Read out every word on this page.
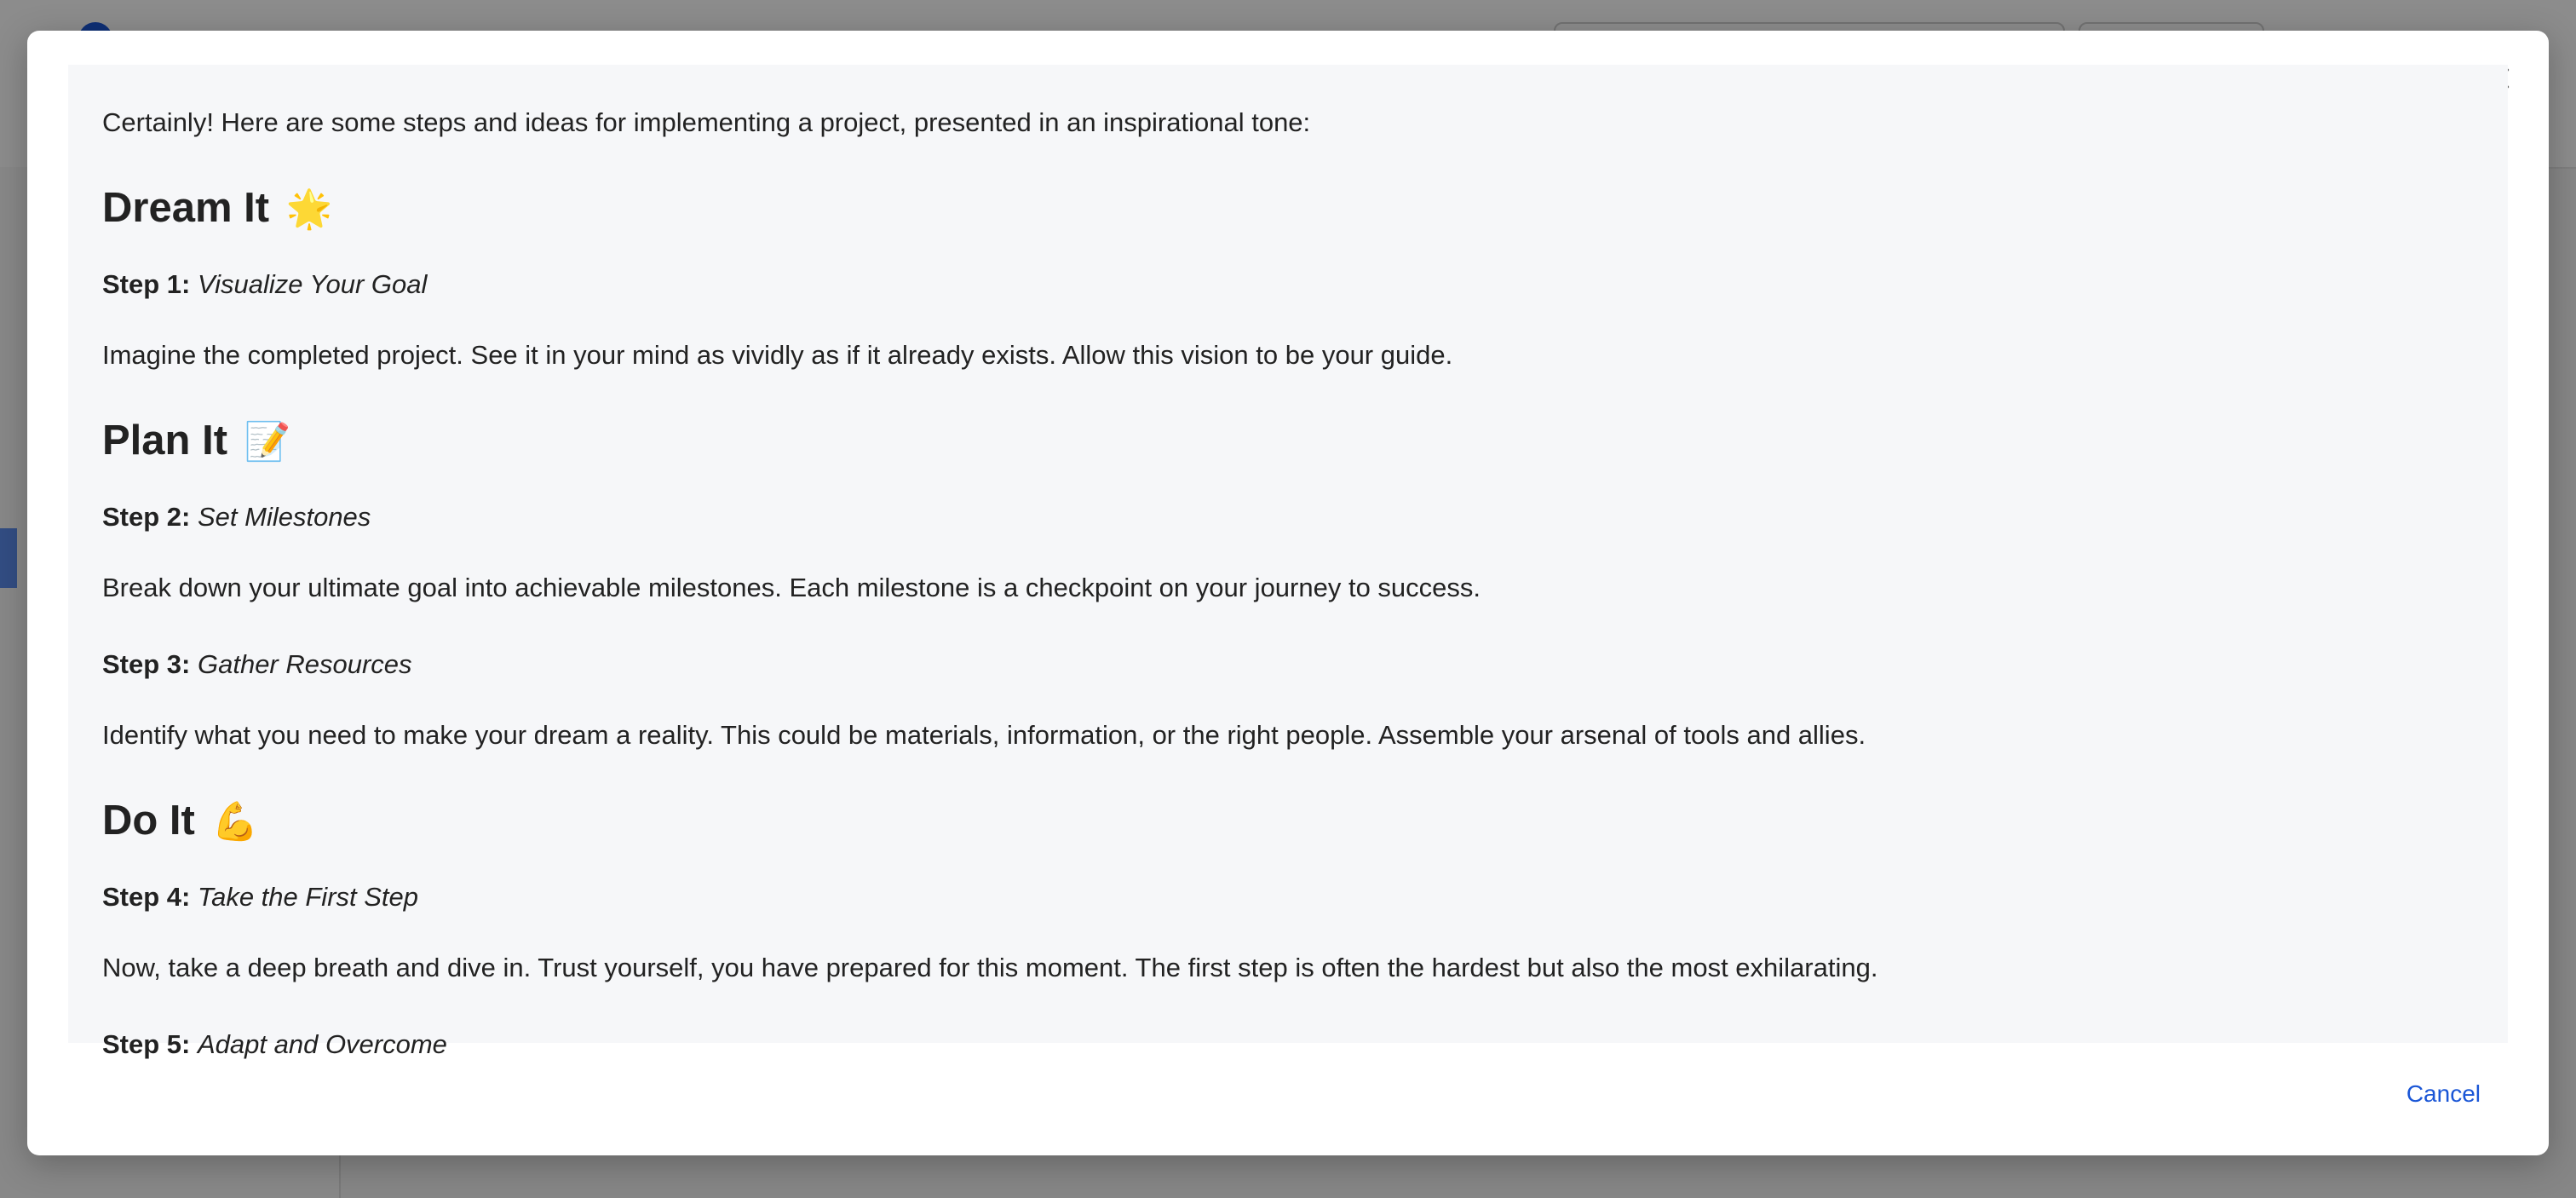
Certainly! Here are some steps and ideas for implementing a project, presented in an inspirational tone:
Dream It 🌟
Step 1: Visualize Your Goal

Imagine the completed project. See it in your mind as vividly as if it already exists. Allow this vision to be your guide.

Plan It 📝
Step 2: Set Milestones

Break down your ultimate goal into achievable milestones. Each milestone is a checkpoint on your journey to success.

Step 3: Gather Resources

Identify what you need to make your dream a reality. This could be materials, information, or the right people. Assemble your arsenal of tools and allies.

Do It 💪
Step 4: Take the First Step

Now, take a deep breath and dive in. Trust yourself, you have prepared for this moment. The first step is often the hardest but also the most exhilarating.

Step 5: Adapt and Overcome
Cancel
